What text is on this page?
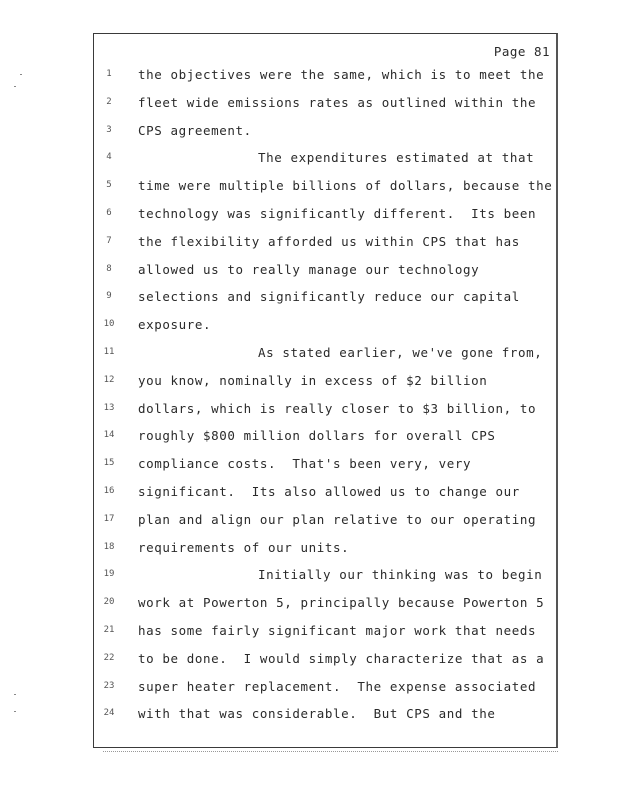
Page 81
1	the objectives were the same, which is to meet the
2	fleet wide emissions rates as outlined within the
3	CPS agreement.
4	The expenditures estimated at that
5	time were multiple billions of dollars, because the
6	technology was significantly different.  Its been
7	the flexibility afforded us within CPS that has
8	allowed us to really manage our technology
9	selections and significantly reduce our capital
10	exposure.
11	As stated earlier, we've gone from,
12	you know, nominally in excess of $2 billion
13	dollars, which is really closer to $3 billion, to
14	roughly $800 million dollars for overall CPS
15	compliance costs.  That's been very, very
16	significant.  Its also allowed us to change our
17	plan and align our plan relative to our operating
18	requirements of our units.
19	Initially our thinking was to begin
20	work at Powerton 5, principally because Powerton 5
21	has some fairly significant major work that needs
22	to be done.  I would simply characterize that as a
23	super heater replacement.  The expense associated
24	with that was considerable.  But CPS and the
